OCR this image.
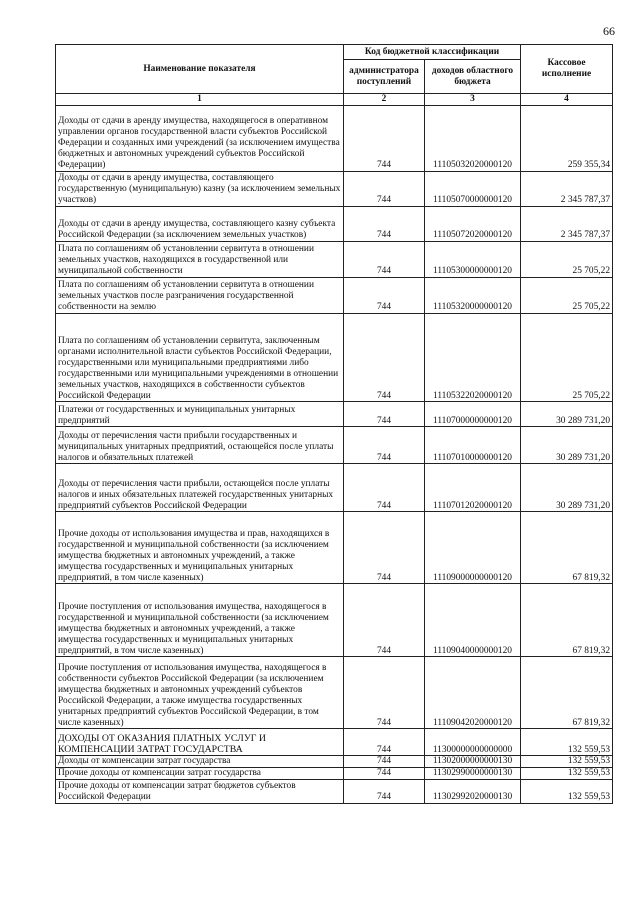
66
Наименование показателя	Код бюджетной классификации		Кассовое исполнение
	администратора поступлений	доходов областного бюджета	
1	2	3	4
Доходы от сдачи в аренду имущества, находящегося в оперативном управлении органов государственной власти субъектов Российской Федерации и созданных ими учреждений (за исключением имущества бюджетных и автономных учреждений субъектов Российской Федерации)	744	11105032020000120	259 355,34
Доходы от сдачи в аренду имущества, составляющего государственную (муниципальную) казну (за исключением земельных участков)	744	11105070000000120	2 345 787,37
Доходы от сдачи в аренду имущества, составляющего казну субъекта Российской Федерации (за исключением земельных участков)	744	11105072020000120	2 345 787,37
Плата по соглашениям об установлении сервитута в отношении земельных участков, находящихся в государственной или муниципальной собственности	744	11105300000000120	25 705,22
Плата по соглашениям об установлении сервитута в отношении земельных участков после разграничения государственной собственности на землю	744	11105320000000120	25 705,22
Плата по соглашениям об установлении сервитута, заключенным органами исполнительной власти субъектов Российской Федерации, государственными или муниципальными предприятиями либо государственными или муниципальными учреждениями в отношении земельных участков, находящихся в собственности субъектов Российской Федерации	744	11105322020000120	25 705,22
Платежи от государственных и муниципальных унитарных предприятий	744	11107000000000120	30 289 731,20
Доходы от перечисления части прибыли государственных и муниципальных унитарных предприятий, остающейся после уплаты налогов и обязательных платежей	744	11107010000000120	30 289 731,20
Доходы от перечисления части прибыли, остающейся после уплаты налогов и иных обязательных платежей государственных унитарных предприятий субъектов Российской Федерации	744	11107012020000120	30 289 731,20
Прочие доходы от использования имущества и прав, находящихся в государственной и муниципальной собственности (за исключением имущества бюджетных и автономных учреждений, а также имущества государственных и муниципальных унитарных предприятий, в том числе казенных)	744	11109000000000120	67 819,32
Прочие поступления от использования имущества, находящегося в государственной и муниципальной собственности (за исключением имущества бюджетных и автономных учреждений, а также имущества государственных и муниципальных унитарных предприятий, в том числе казенных)	744	11109040000000120	67 819,32
Прочие поступления от использования имущества, находящегося в собственности субъектов Российской Федерации (за исключением имущества бюджетных и автономных учреждений субъектов Российской Федерации, а также имущества государственных унитарных предприятий субъектов Российской Федерации, в том числе казенных)	744	11109042020000120	67 819,32
ДОХОДЫ ОТ ОКАЗАНИЯ ПЛАТНЫХ УСЛУГ И КОМПЕНСАЦИИ ЗАТРАТ ГОСУДАРСТВА	744	11300000000000000	132 559,53
Доходы от компенсации затрат государства	744	11302000000000130	132 559,53
Прочие доходы от компенсации затрат государства	744	11302990000000130	132 559,53
Прочие доходы от компенсации затрат бюджетов субъектов Российской Федерации	744	11302992020000130	132 559,53
